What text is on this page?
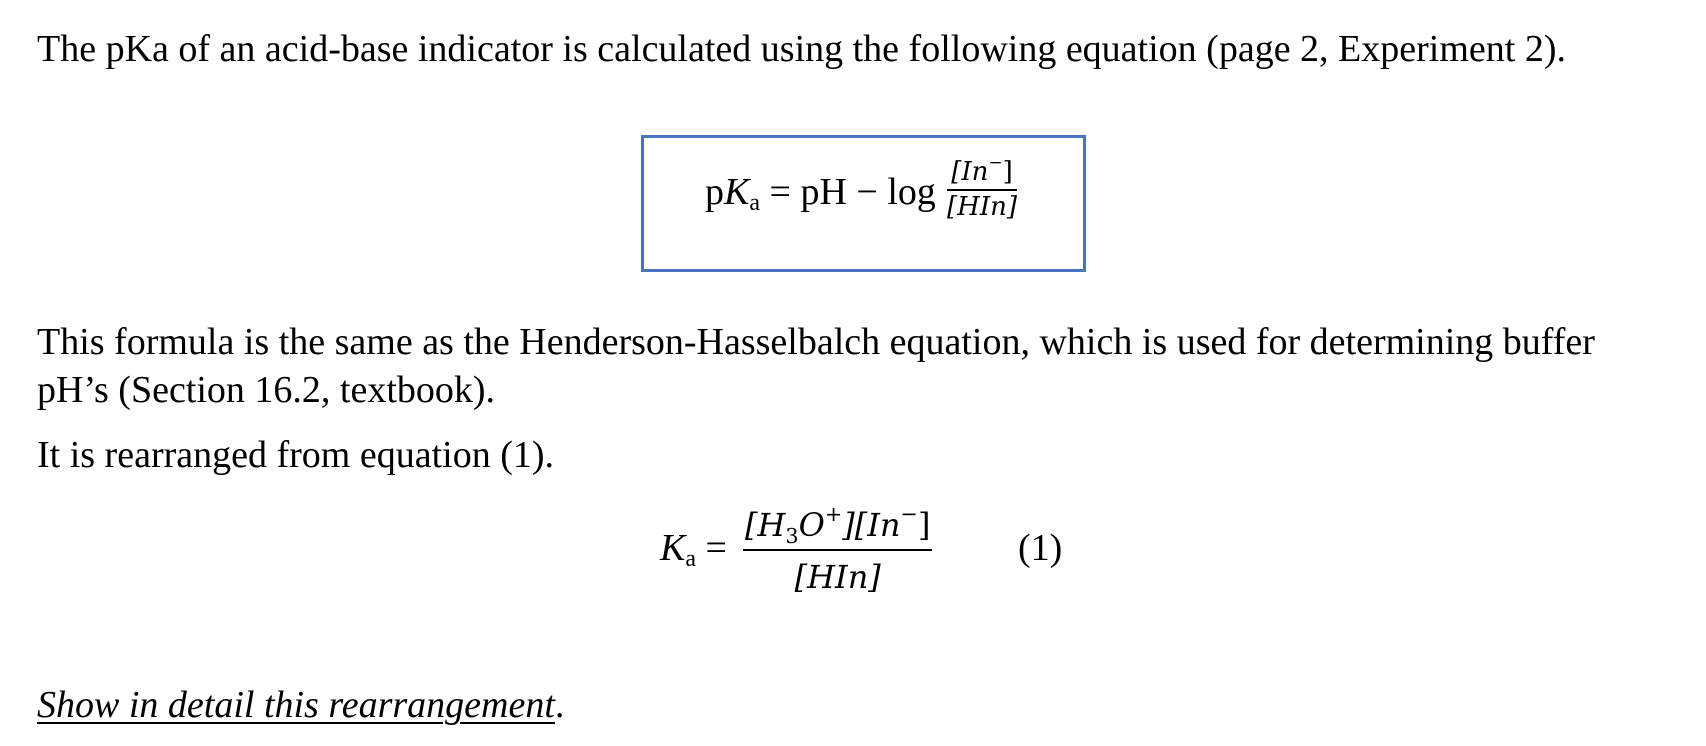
The pKa of an acid-base indicator is calculated using the following equation (page 2, Experiment 2).

pKa = pH − log [In−]
[HIn]

This formula is the same as the Henderson-Hasselbalch equation, which is used for determining buffer
pH’s (Section 16.2, textbook).

It is rearranged from equation (1).

Ka =
$[H_3O^+][In^-]$
[HIn]
(1)

Show in detail this rearrangement.
